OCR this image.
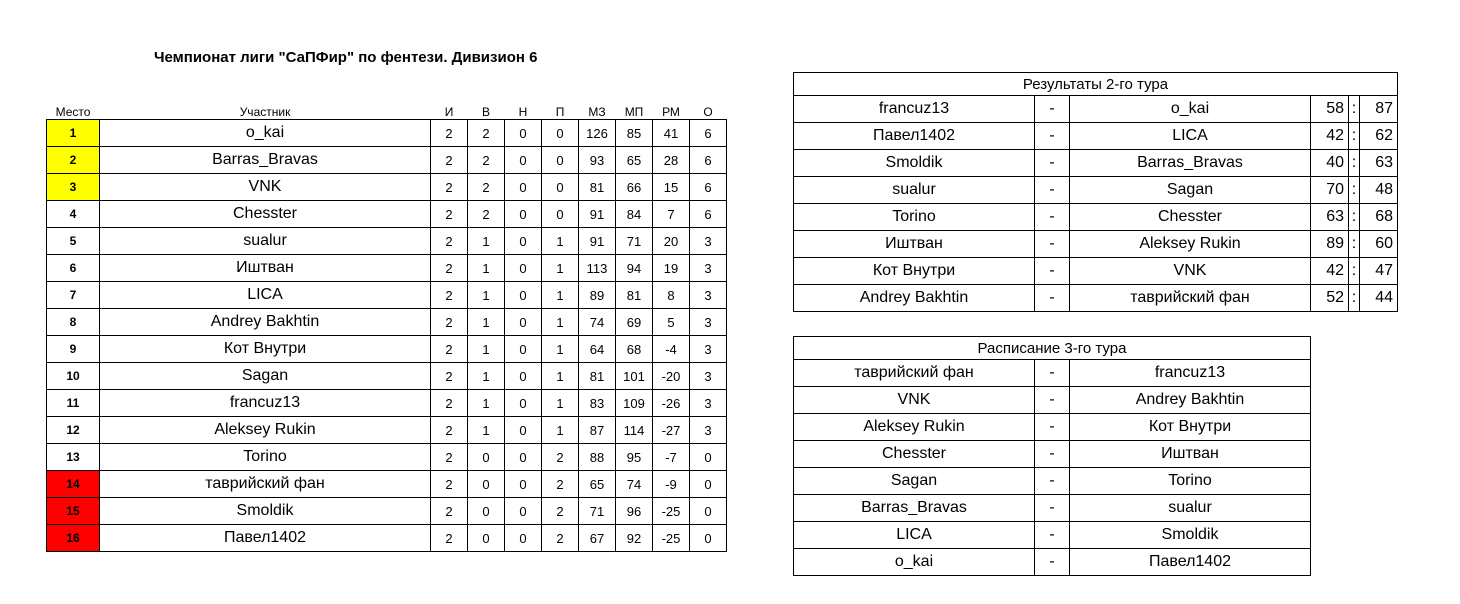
Чемпионат лиги "СаПФир" по фентези. Дивизион 6
Место	Участник	И	В	Н	П	МЗ	МП	РМ	О
1	o_kai	2	2	0	0	126	85	41	6
2	Barras_Bravas	2	2	0	0	93	65	28	6
3	VNK	2	2	0	0	81	66	15	6
4	Chesster	2	2	0	0	91	84	7	6
5	sualur	2	1	0	1	91	71	20	3
6	Иштван	2	1	0	1	113	94	19	3
7	LICA	2	1	0	1	89	81	8	3
8	Andrey Bakhtin	2	1	0	1	74	69	5	3
9	Кот Внутри	2	1	0	1	64	68	-4	3
10	Sagan	2	1	0	1	81	101	-20	3
11	francuz13	2	1	0	1	83	109	-26	3
12	Aleksey Rukin	2	1	0	1	87	114	-27	3
13	Torino	2	0	0	2	88	95	-7	0
14	таврийский фан	2	0	0	2	65	74	-9	0
15	Smoldik	2	0	0	2	71	96	-25	0
16	Павел1402	2	0	0	2	67	92	-25	0
Результаты 2-го тура					
francuz13	-	o_kai	58	:	87
Павел1402	-	LICA	42	:	62
Smoldik	-	Barras_Bravas	40	:	63
sualur	-	Sagan	70	:	48
Torino	-	Chesster	63	:	68
Иштван	-	Aleksey Rukin	89	:	60
Кот Внутри	-	VNK	42	:	47
Andrey Bakhtin	-	таврийский фан	52	:	44
Расписание 3-го тура		
таврийский фан	-	francuz13
VNK	-	Andrey Bakhtin
Aleksey Rukin	-	Кот Внутри
Chesster	-	Иштван
Sagan	-	Torino
Barras_Bravas	-	sualur
LICA	-	Smoldik
o_kai	-	Павел1402
